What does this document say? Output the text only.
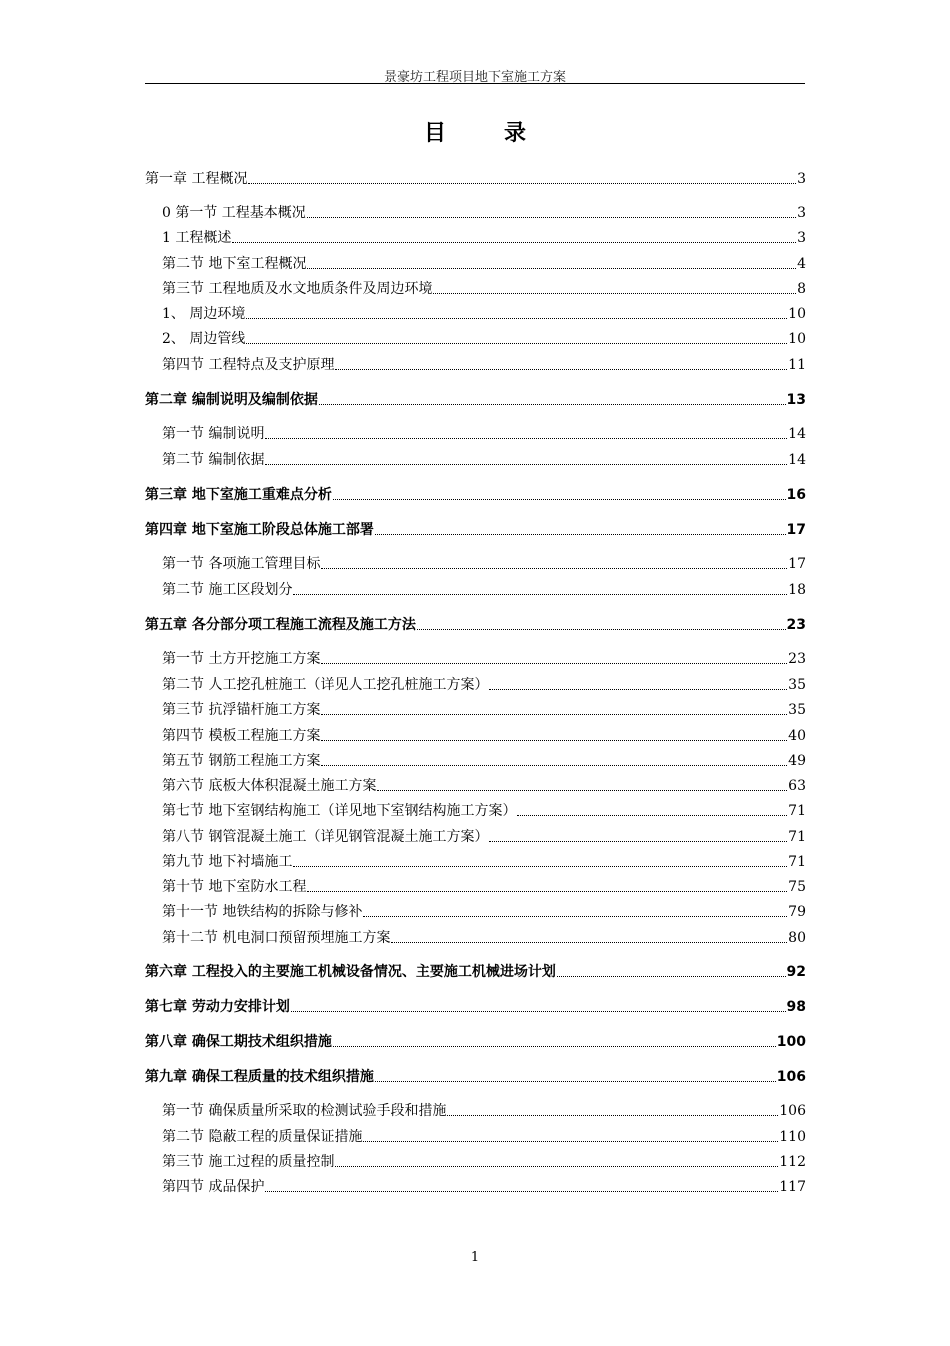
景豪坊工程项目地下室施工方案
目录
第一章 工程概况	3
0 第一节 工程基本概况	3
1 工程概述	3
第二节 地下室工程概况	4
第三节 工程地质及水文地质条件及周边环境	8
1、 周边环境	10
2、 周边管线	10
第四节 工程特点及支护原理	11
第二章 编制说明及编制依据	13
第一节 编制说明	14
第二节 编制依据	14
第三章 地下室施工重难点分析	16
第四章 地下室施工阶段总体施工部署	17
第一节 各项施工管理目标	17
第二节 施工区段划分	18
第五章 各分部分项工程施工流程及施工方法	23
第一节 土方开挖施工方案	23
第二节 人工挖孔桩施工（详见人工挖孔桩施工方案）	35
第三节 抗浮锚杆施工方案	35
第四节 模板工程施工方案	40
第五节 钢筋工程施工方案	49
第六节 底板大体积混凝土施工方案	63
第七节 地下室钢结构施工（详见地下室钢结构施工方案）	71
第八节 钢管混凝土施工（详见钢管混凝土施工方案）	71
第九节 地下衬墙施工	71
第十节 地下室防水工程	75
第十一节 地铁结构的拆除与修补	79
第十二节 机电洞口预留预埋施工方案	80
第六章 工程投入的主要施工机械设备情况、主要施工机械进场计划	92
第七章 劳动力安排计划	98
第八章 确保工期技术组织措施	100
第九章 确保工程质量的技术组织措施	106
第一节 确保质量所采取的检测试验手段和措施	106
第二节 隐蔽工程的质量保证措施	110
第三节 施工过程的质量控制	112
第四节 成品保护	117
1
